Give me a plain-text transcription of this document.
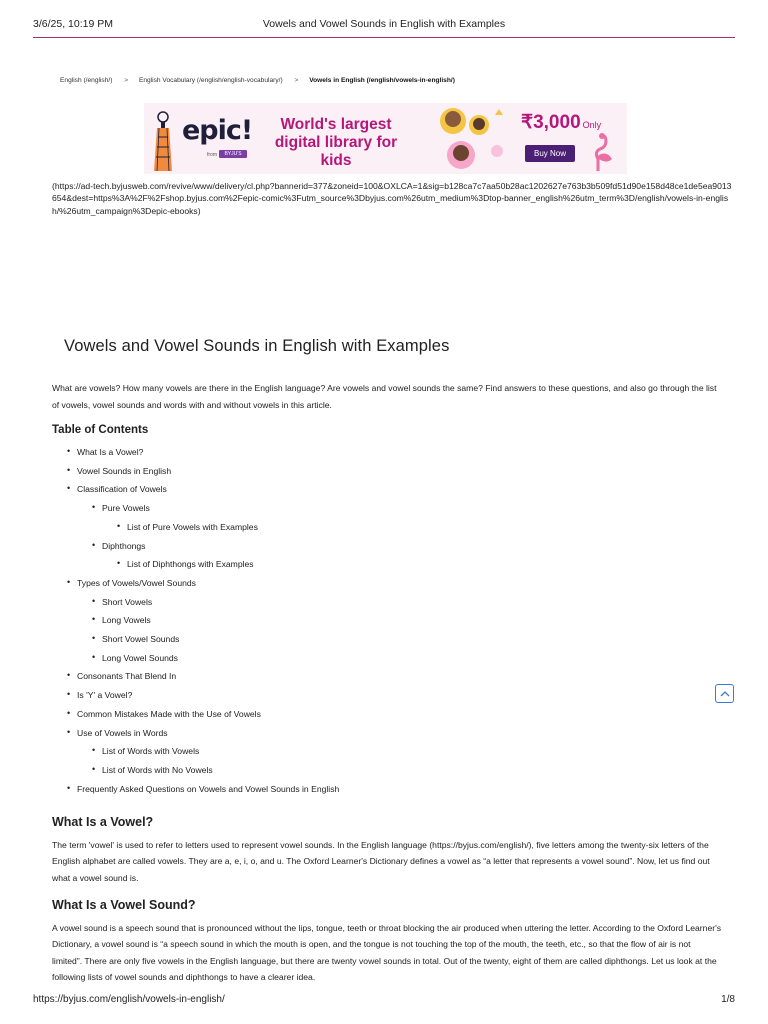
3/6/25, 10:19 PM	Vowels and Vowel Sounds in English with Examples
English (/english/) > English Vocabulary (/english/english-vocabulary/) > Vowels in English (/english/vowels-in-english/)
epic!
from	BYJU'S
World's largest digital library for kids
₹3,000 Only
Buy Now
(https://ad-tech.byjusweb.com/revive/www/delivery/cl.php?bannerid=377&zoneid=100&OXLCA=1&sig=b128ca7c7aa50b28ac1202627e763b3b509fd51d90e158d48ce1de5ea9013654&dest=https%3A%2F%2Fshop.byjus.com%2Fepic-comic%3Futm_source%3Dbyjus.com%26utm_medium%3Dtop-banner_english%26utm_term%3D/english/vowels-in-english/%26utm_campaign%3Depic-ebooks)
Vowels and Vowel Sounds in English with Examples

What are vowels? How many vowels are there in the English language? Are vowels and vowel sounds the same? Find answers to these questions, and also go through the list of vowels, vowel sounds and words with and without vowels in this article.

Table of Contents
• What Is a Vowel?
• Vowel Sounds in English
• Classification of Vowels
• Pure Vowels
• List of Pure Vowels with Examples
• Diphthongs
• List of Diphthongs with Examples
• Types of Vowels/Vowel Sounds
• Short Vowels
• Long Vowels
• Short Vowel Sounds
• Long Vowel Sounds
• Consonants That Blend In
• Is 'Y' a Vowel?
• Common Mistakes Made with the Use of Vowels
• Use of Vowels in Words
• List of Words with Vowels
• List of Words with No Vowels
• Frequently Asked Questions on Vowels and Vowel Sounds in English
What Is a Vowel?

The term 'vowel' is used to refer to letters used to represent vowel sounds. In the English language (https://byjus.com/english/), five letters among the twenty-six letters of the English alphabet are called vowels. They are a, e, i, o, and u. The Oxford Learner's Dictionary defines a vowel as “a letter that represents a vowel sound”. Now, let us find out what a vowel sound is.

What Is a Vowel Sound?

A vowel sound is a speech sound that is pronounced without the lips, tongue, teeth or throat blocking the air produced when uttering the letter. According to the Oxford Learner's Dictionary, a vowel sound is “a speech sound in which the mouth is open, and the tongue is not touching the top of the mouth, the teeth, etc., so that the flow of air is not limited”. There are only five vowels in the English language, but there are twenty vowel sounds in total. Out of the twenty, eight of them are called diphthongs. Let us look at the following lists of vowel sounds and diphthongs to have a clearer idea.

https://byjus.com/english/vowels-in-english/	1/8
